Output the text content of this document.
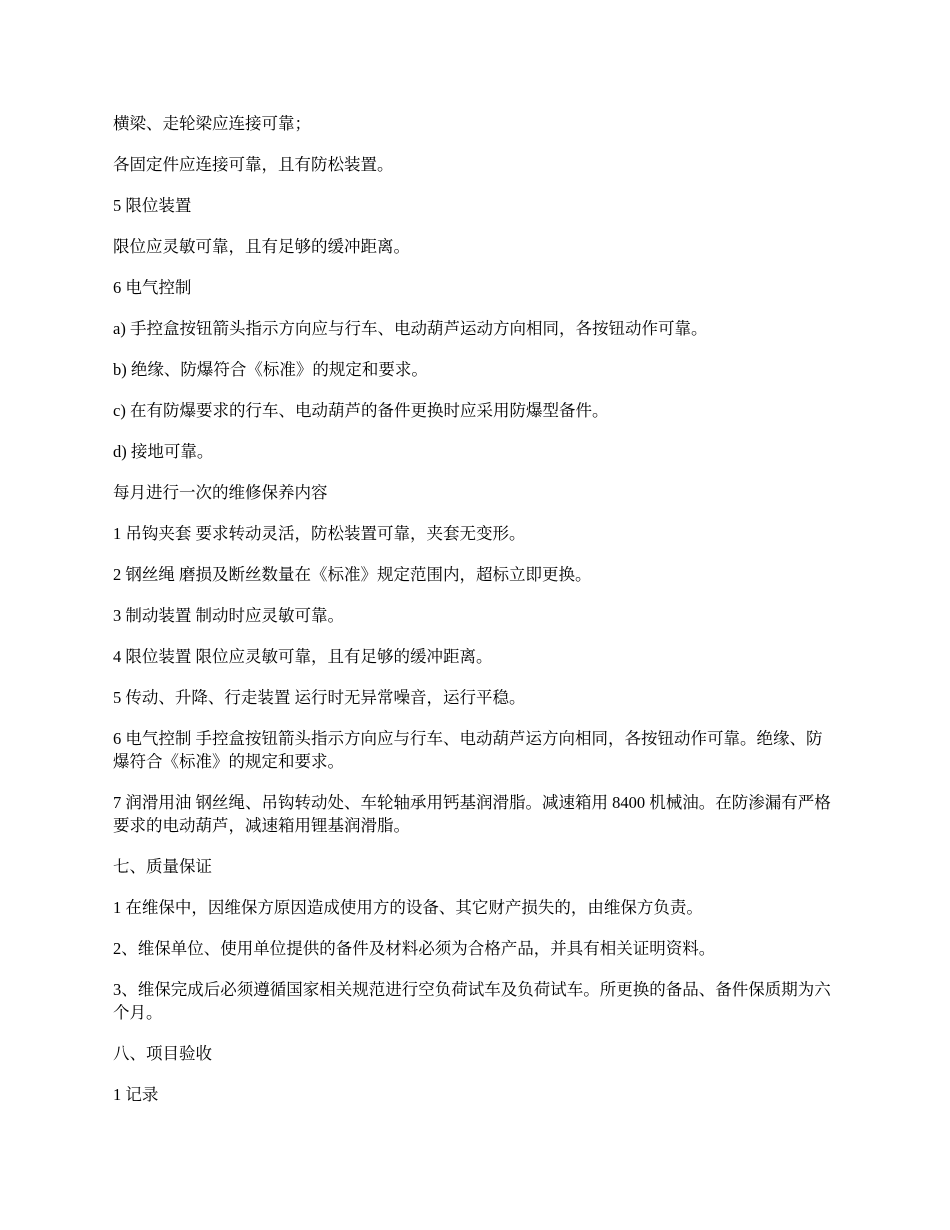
横梁、走轮梁应连接可靠；

各固定件应连接可靠，且有防松装置。

5 限位装置

限位应灵敏可靠，且有足够的缓冲距离。

6 电气控制

a) 手控盒按钮箭头指示方向应与行车、电动葫芦运动方向相同，各按钮动作可靠。

b) 绝缘、防爆符合《标准》的规定和要求。

c) 在有防爆要求的行车、电动葫芦的备件更换时应采用防爆型备件。

d) 接地可靠。

每月进行一次的维修保养内容

1 吊钩夹套 要求转动灵活，防松装置可靠，夹套无变形。

2 钢丝绳 磨损及断丝数量在《标准》规定范围内，超标立即更换。

3 制动装置 制动时应灵敏可靠。

4 限位装置 限位应灵敏可靠，且有足够的缓冲距离。

5 传动、升降、行走装置 运行时无异常噪音，运行平稳。

6 电气控制 手控盒按钮箭头指示方向应与行车、电动葫芦运方向相同，各按钮动作可靠。绝缘、防爆符合《标准》的规定和要求。

7 润滑用油 钢丝绳、吊钩转动处、车轮轴承用钙基润滑脂。减速箱用 8400 机械油。在防渗漏有严格要求的电动葫芦，减速箱用锂基润滑脂。

七、质量保证

1 在维保中，因维保方原因造成使用方的设备、其它财产损失的，由维保方负责。

2、维保单位、使用单位提供的备件及材料必须为合格产品，并具有相关证明资料。

3、维保完成后必须遵循国家相关规范进行空负荷试车及负荷试车。所更换的备品、备件保质期为六个月。

八、项目验收

1 记录
